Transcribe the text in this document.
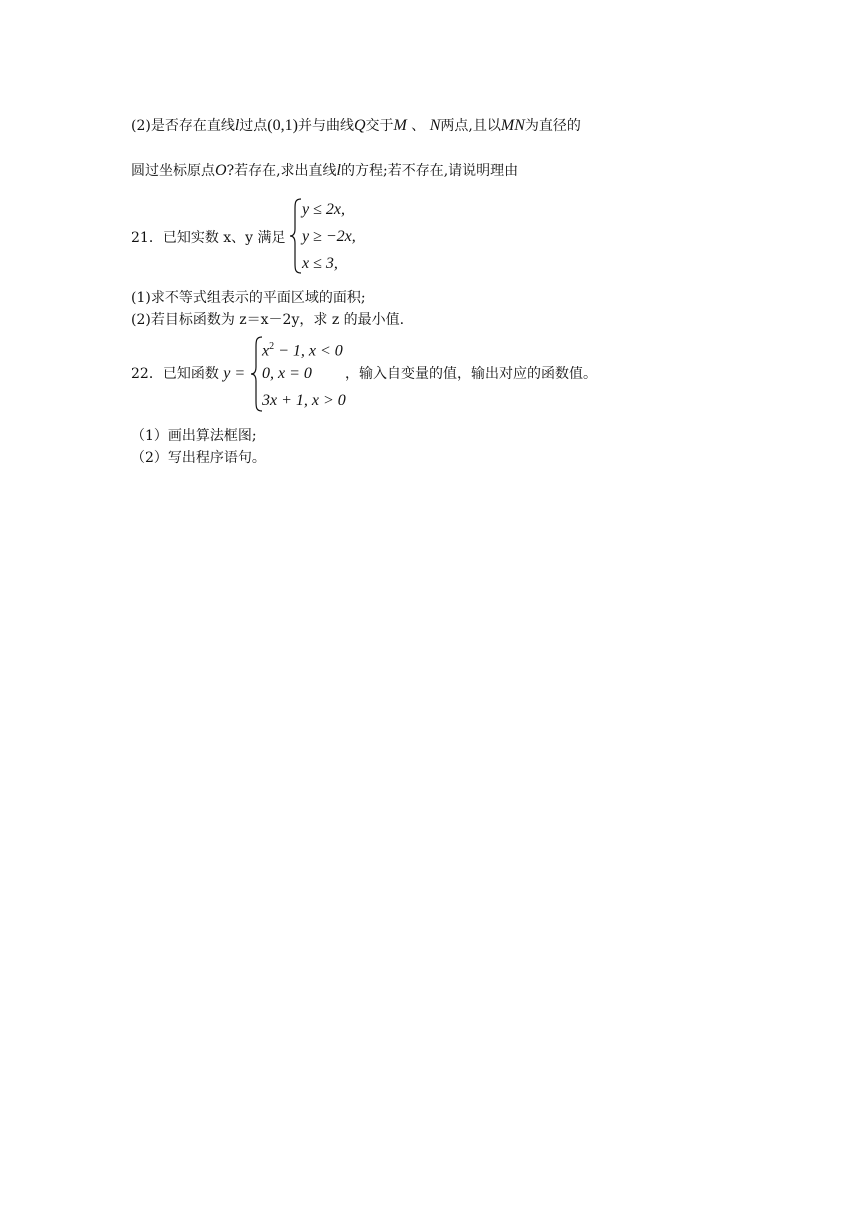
(2)是否存在直线l过点(0,1)并与曲线Q交于M 、 N两点,且以MN为直径的
圆过坐标原点O?若存在,求出直线l的方程;若不存在,请说明理由
21．已知实数 x、y 满足
y ≤ 2x,
y ≥ −2x,
x ≤ 3,
(1)求不等式组表示的平面区域的面积;
(2)若目标函数为 z＝x－2y，求 z 的最小值.
22．已知函数 y =
$x^2 - 1$, x < 0
0, x = 0
3x + 1, x > 0
，输入自变量的值，输出对应的函数值。
（1）画出算法框图;
（2）写出程序语句。
